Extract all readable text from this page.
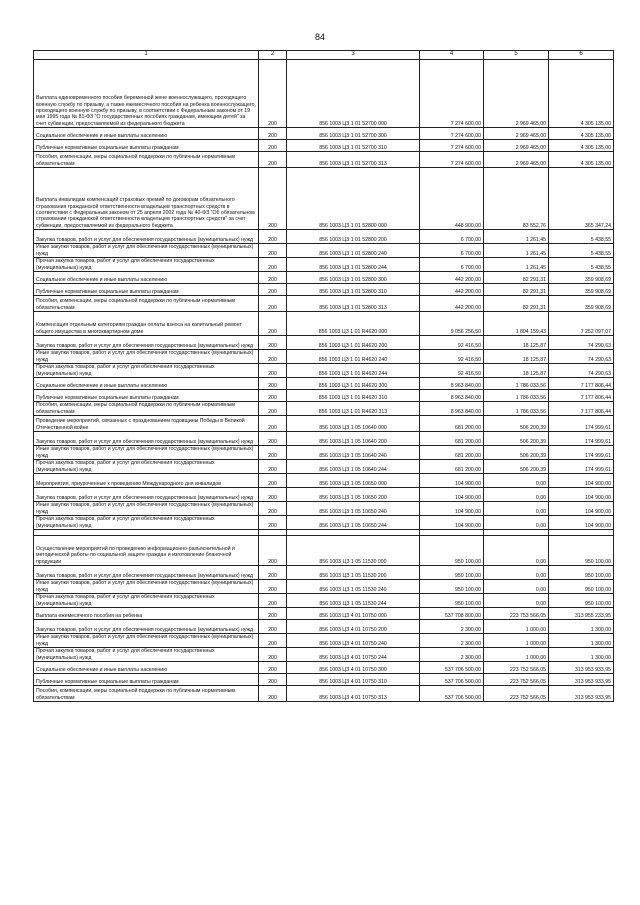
84
1	2	3	4	5	6
Выплата единовременного пособия беременной жене военнослужащего, проходящего военную службу по призыву, а также ежемесячного пособия на ребенка военнослужащего, проходящего военную службу по призыву, в соответствии с Федеральным законом от 19 мая 1995 года № 81-ФЗ "О государственных пособиях гражданам, имеющим детей" за счет субвенции, предоставляемой из федерального бюджета	200	856 1003 ЦЗ 1 01 52700 000	7 274 600,00	2 969 465,00	4 305 135,00
Социальное обеспечение и иные выплаты населению	200	856 1003 ЦЗ 1 01 52700 300	7 274 600,00	2 969 465,00	4 305 135,00
Публичные нормативные социальные выплаты гражданам	200	856 1003 ЦЗ 1 01 52700 310	7 274 600,00	2 969 465,00	4 305 135,00
Пособия, компенсации, меры социальной поддержки по публичным нормативным обязательствам	200	856 1003 ЦЗ 1 01 52700 313	7 274 600,00	2 969 465,00	4 305 135,00
Выплата инвалидам компенсаций страховых премий по договорам обязательного страхования гражданской ответственности владельцев транспортных средств в соответствии с Федеральным законом от 25 апреля 2002 года № 40-ФЗ "Об обязательном страховании гражданской ответственности владельцев транспортных средств" за счет субвенции, предоставляемой из федерального бюджета	200	856 1003 ЦЗ 1 01 52800 000	448 900,00	83 552,76	365 347,24
Закупка товаров, работ и услуг для обеспечения государственных (муниципальных) нужд	200	856 1003 ЦЗ 1 01 52800 200	6 700,00	1 261,45	5 438,55
Иные закупки товаров, работ и услуг для обеспечения государственных (муниципальных) нужд	200	856 1003 ЦЗ 1 01 52800 240	6 700,00	1 261,45	5 438,55
Прочая закупка товаров, работ и услуг для обеспечения государственных (муниципальных) нужд	200	856 1003 ЦЗ 1 01 52800 244	6 700,00	1 261,45	5 438,55
Социальное обеспечение и иные выплаты населению	200	856 1003 ЦЗ 1 01 52800 300	442 200,00	82 291,31	359 908,69
Публичные нормативные социальные выплаты гражданам	200	856 1003 ЦЗ 1 01 52800 310	442 200,00	82 291,31	359 908,69
Пособия, компенсации, меры социальной поддержки по публичным нормативным обязательствам	200	856 1003 ЦЗ 1 01 52800 313	442 200,00	82 291,31	359 908,69
Компенсация отдельным категориям граждан оплаты взноса на капитальный ремонт общего имущества в многоквартирном доме	200	856 1003 ЦЗ 1 01 R4620 000	9 056 256,50	1 804 159,43	7 252 097,07
Закупка товаров, работ и услуг для обеспечения государственных (муниципальных) нужд	200	856 1003 ЦЗ 1 01 R4620 200	92 416,50	18 125,87	74 290,63
Иные закупки товаров, работ и услуг для обеспечения государственных (муниципальных) нужд	200	856 1003 ЦЗ 1 01 R4620 240	92 416,50	18 125,87	74 290,63
Прочая закупка товаров, работ и услуг для обеспечения государственных (муниципальных) нужд	200	856 1003 ЦЗ 1 01 R4620 244	92 416,50	18 125,87	74 290,63
Социальное обеспечение и иные выплаты населению	200	856 1003 ЦЗ 1 01 R4620 300	8 963 840,00	1 786 033,56	7 177 806,44
Публичные нормативные социальные выплаты гражданам	200	856 1003 ЦЗ 1 01 R4620 310	8 963 840,00	1 786 033,56	7 177 806,44
Пособия, компенсации, меры социальной поддержки по публичным нормативным обязательствам	200	856 1003 ЦЗ 1 01 R4620 313	8 963 840,00	1 786 033,56	7 177 806,44
Проведение мероприятий, связанных с празднованием годовщины Победы в Великой Отечественной войне	200	856 1003 ЦЗ 1 05 10640 000	681 200,00	506 200,39	174 999,61
Закупка товаров, работ и услуг для обеспечения государственных (муниципальных) нужд	200	856 1003 ЦЗ 1 05 10640 200	681 200,00	506 200,39	174 999,61
Иные закупки товаров, работ и услуг для обеспечения государственных (муниципальных) нужд	200	856 1003 ЦЗ 1 05 10640 240	681 200,00	506 200,39	174 999,61
Прочая закупка товаров, работ и услуг для обеспечения государственных (муниципальных) нужд	200	856 1003 ЦЗ 1 05 10640 244	681 200,00	506 200,39	174 999,61
Мероприятия, приуроченные к проведению Международного дня инвалидов	200	856 1003 ЦЗ 1 05 10650 000	104 900,00	0,00	104 900,00
Закупка товаров, работ и услуг для обеспечения государственных (муниципальных) нужд	200	856 1003 ЦЗ 1 05 10650 200	104 900,00	0,00	104 900,00
Иные закупки товаров, работ и услуг для обеспечения государственных (муниципальных) нужд	200	856 1003 ЦЗ 1 05 10650 240	104 900,00	0,00	104 900,00
Прочая закупка товаров, работ и услуг для обеспечения государственных (муниципальных) нужд	200	856 1003 ЦЗ 1 05 10650 244	104 900,00	0,00	104 900,00

Осуществление мероприятий по проведению информационно-разъяснительной и методической работы по социальной защите граждан и изготовление бланочной продукции	200	856 1003 ЦЗ 1 05 11530 000	950 100,00	0,00	950 100,00
Закупка товаров, работ и услуг для обеспечения государственных (муниципальных) нужд	200	856 1003 ЦЗ 1 05 11530 200	950 100,00	0,00	950 100,00
Иные закупки товаров, работ и услуг для обеспечения государственных (муниципальных) нужд	200	856 1003 ЦЗ 1 05 11530 240	950 100,00	0,00	950 100,00
Прочая закупка товаров, работ и услуг для обеспечения государственных (муниципальных) нужд	200	856 1003 ЦЗ 1 05 11530 244	950 100,00	0,00	950 100,00
Выплата ежемесячного пособия на ребенка	200	856 1003 ЦЗ 4 01 10750 000	537 708 800,00	223 753 566,05	313 955 233,95
Закупка товаров, работ и услуг для обеспечения государственных (муниципальных) нужд	200	856 1003 ЦЗ 4 01 10750 200	2 300,00	1 000,00	1 300,00
Иные закупки товаров, работ и услуг для обеспечения государственных (муниципальных) нужд	200	856 1003 ЦЗ 4 01 10750 240	2 300,00	1 000,00	1 300,00
Прочая закупка товаров, работ и услуг для обеспечения государственных (муниципальных) нужд	200	856 1003 ЦЗ 4 01 10750 244	2 300,00	1 000,00	1 300,00
Социальное обеспечение и иные выплаты населению	200	856 1003 ЦЗ 4 01 10750 300	537 706 500,00	223 752 566,05	313 953 933,95
Публичные нормативные социальные выплаты гражданам	200	856 1003 ЦЗ 4 01 10750 310	537 706 500,00	223 752 566,05	313 953 933,95
Пособия, компенсации, меры социальной поддержки по публичным нормативным обязательствам	200	856 1003 ЦЗ 4 01 10750 313	537 706 500,00	223 752 566,05	313 953 933,95
